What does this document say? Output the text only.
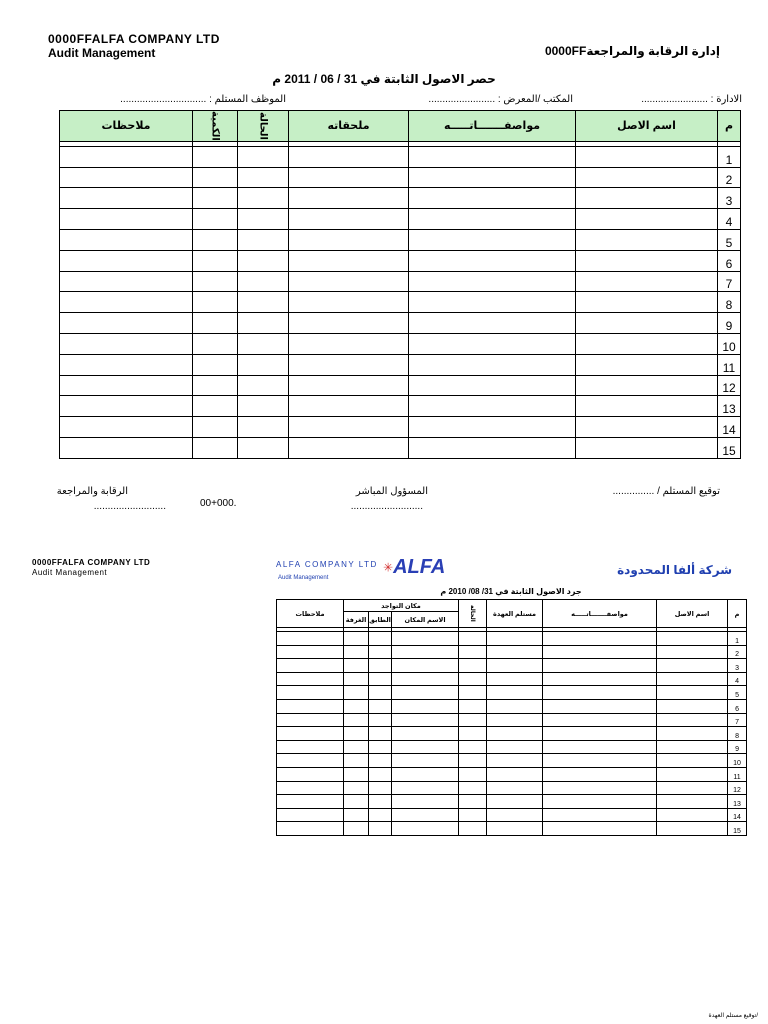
0000FFALFA COMPANY LTD
Audit Management	إدارة الرقابة والمراجعة0000FF
حصر الاصول الثابتة في 31 / 06 / 2011 م
الادارة : ........................
المكتب /المعرض : ........................
الموظف المستلم : ...............................
م	اسم الاصل	مواصفـــــــاتـــــه	ملحقاته	الحالة	الكمية	ملاحظات

1						
2						
3						
4						
5						
6						
7						
8						
9						
10						
11						
12						
13						
14						
15						
توقيع المستلم / ...............
المسؤول المباشر
..........................
الرقابة والمراجعة
..........................	00+000.
0000FFALFA COMPANY LTD
Audit Management
ALFA COMPANY LTD
Audit Management
✳ALFA	شركة ألفا المحدودة
جرد الاصول الثابتة في 31/ 08/ 2010 م
م	اسم الاصل	مواصفـــــــاتـــــه	مستلم العهدة	الحالة	مكان التواجد			ملاحظات
					الاسم المكان	الطابق	الغرفة	

1								
2								
3								
4								
5								
6								
7								
8								
9								
10								
11								
12								
13								
14								
15								
/توقيع مستلم العهدة
